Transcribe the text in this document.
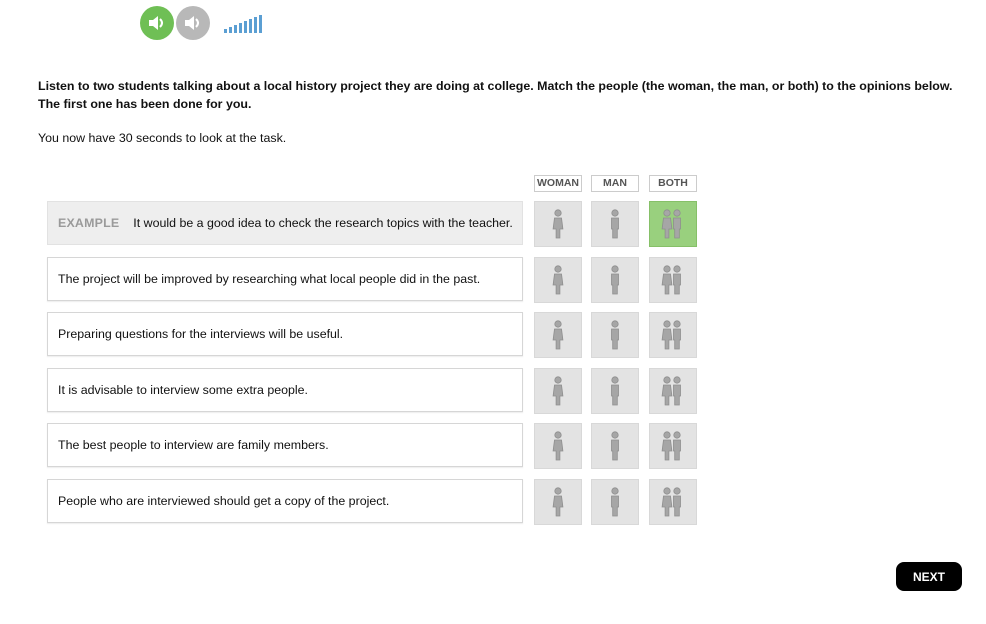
Listen to two students talking about a local history project they are doing at college. Match the people (the woman, the man, or both) to the opinions below. The first one has been done for you.

You now have 30 seconds to look at the task.

WOMAN	MAN	BOTH
EXAMPLE It would be a good idea to check the research topics with the teacher.
The project will be improved by researching what local people did in the past.
Preparing questions for the interviews will be useful.
It is advisable to interview some extra people.
The best people to interview are family members.
People who are interviewed should get a copy of the project.
NEXT
